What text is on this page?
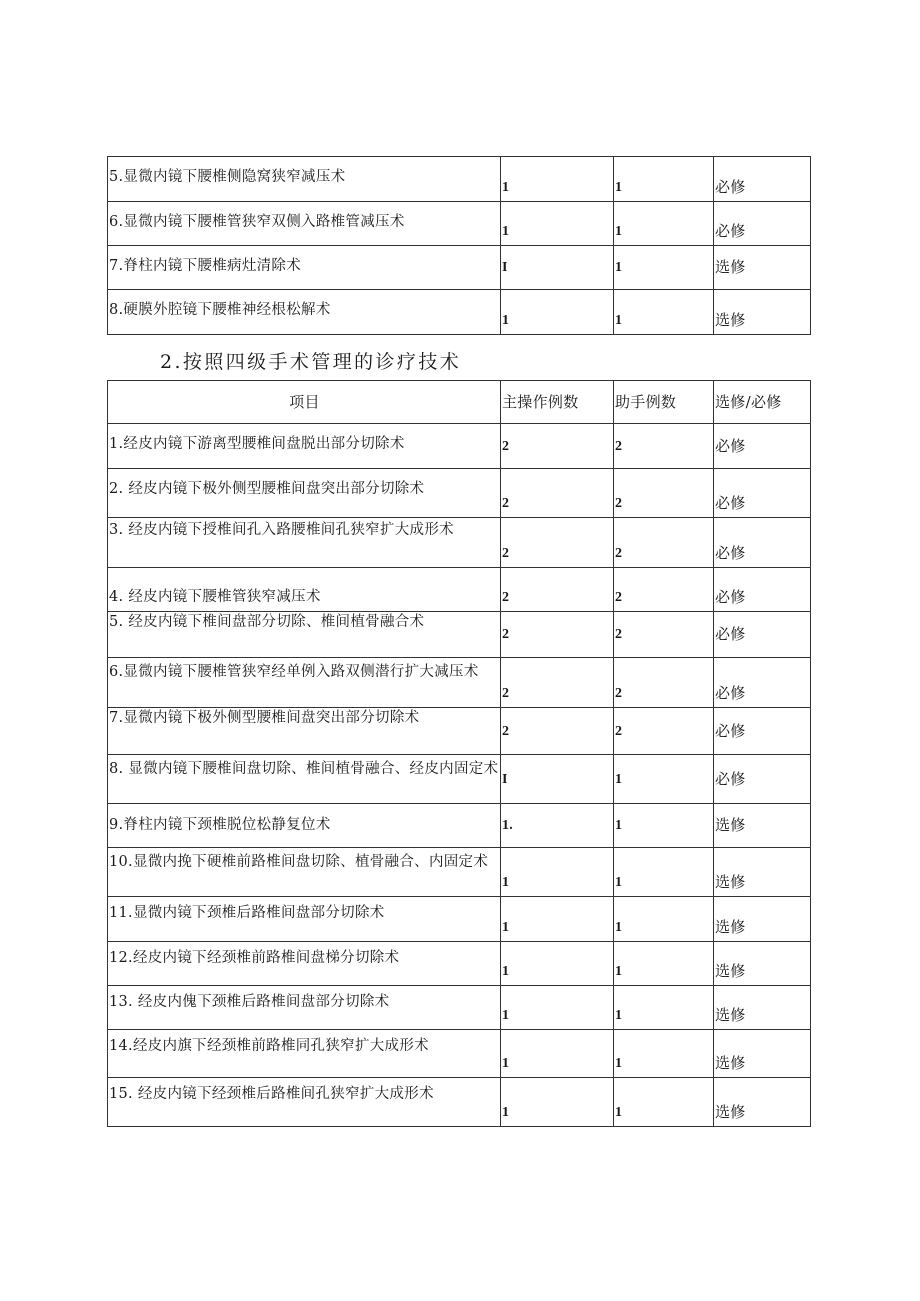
5.显微内镜下腰椎侧隐窝狭窄减压术	1	1	必修
6.显微内镜下腰椎管狭窄双侧入路椎管减压术	1	1	必修
7.脊柱内镜下腰椎病灶清除术	I	1	选修
8.硬膜外腔镜下腰椎神经根松解术	1	1	选修
2.按照四级手术管理的诊疗技术
项目	主操作例数	助手例数	选修/必修
1.经皮内镜下游离型腰椎间盘脱出部分切除术	2	2	必修
2. 经皮内镜下极外侧型腰椎间盘突出部分切除术	2	2	必修
3. 经皮内镜下授椎间孔入路腰椎间孔狭窄扩大成形术	2	2	必修
4. 经皮内镜下腰椎管狭窄减压术	2	2	必修
5. 经皮内镜下椎间盘部分切除、椎间植骨融合术	2	2	必修
6.显微内镜下腰椎管狭窄经单例入路双侧潜行扩大减压术	2	2	必修
7.显微内镜下极外侧型腰椎间盘突出部分切除术	2	2	必修
8. 显微内镜下腰椎间盘切除、椎间植骨融合、经皮内固定术	I	1	必修
9.脊柱内镜下颈椎脱位松静复位术	1.	1	选修
10.显微内挽下硬椎前路椎间盘切除、植骨融合、内固定术	1	1	选修
11.显微内镜下颈椎后路椎间盘部分切除术	1	1	选修
12.经皮内镜下经颈椎前路椎间盘梯分切除术	1	1	选修
13. 经皮内傀下颈椎后路椎间盘部分切除术	1	1	选修
14.经皮内旗下经颈椎前路椎同孔狭窄扩大成形术	1	1	选修
15. 经皮内镜下经颈椎后路椎间孔狭窄扩大成形术	1	1	选修
